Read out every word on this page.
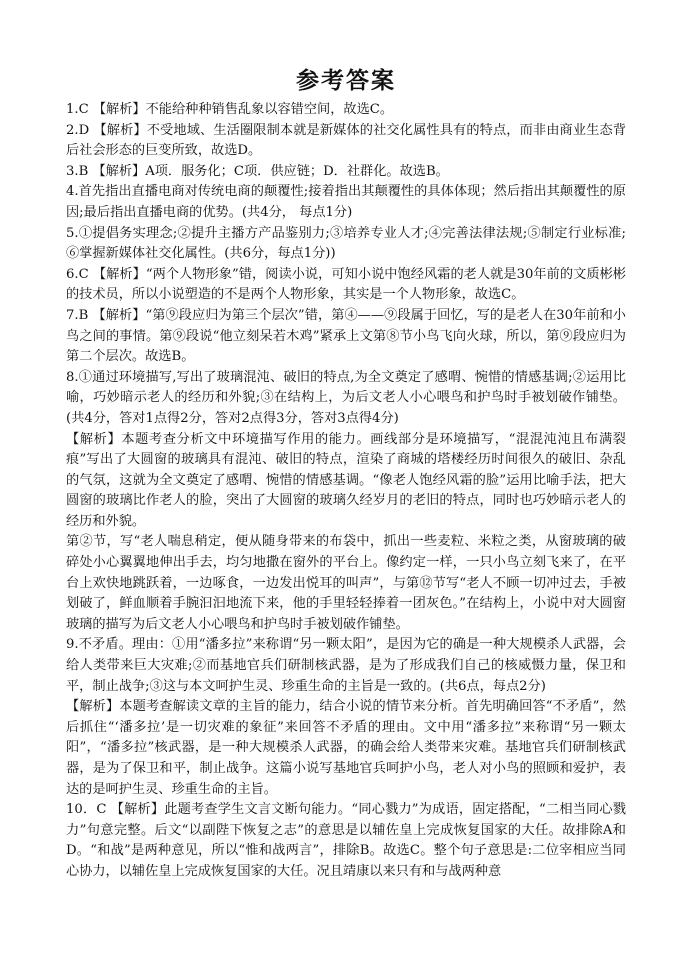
参考答案

1.C 【解析】不能给种种销售乱象以容错空间，故选C。

2.D 【解析】不受地域、生活圈限制本就是新媒体的社交化属性具有的特点，而非由商业生态背后社会形态的巨变所致，故选D。

3.B 【解析】A项．服务化；C项．供应链；D．社群化。故选B。

4.首先指出直播电商对传统电商的颠覆性;接着指出其颠覆性的具体体现；然后指出其颠覆性的原因;最后指出直播电商的优势。(共4分， 每点1分)

5.①提倡务实理念;②提升主播方产品鉴别力;③培养专业人才;④完善法律法规;⑤制定行业标准;⑥掌握新媒体社交化属性。(共6分，每点1分))

6.C 【解析】“两个人物形象”错，阅读小说，可知小说中饱经风霜的老人就是30年前的文质彬彬的技术员，所以小说塑造的不是两个人物形象，其实是一个人物形象，故选C。

7.B 【解析】“第⑨段应归为第三个层次”错，第④——⑨段属于回忆，写的是老人在30年前和小鸟之间的事情。第⑨段说“他立刻呆若木鸡”紧承上文第⑧节小鸟飞向火球，所以，第⑨段应归为第二个层次。故选B。

8.①通过环境描写,写出了玻璃混沌、破旧的特点,为全文奠定了感喟、惋惜的情感基调;②运用比喻，巧妙暗示老人的经历和外貌;③在结构上，为后文老人小心喂鸟和护鸟时手被划破作铺垫。(共4分，答对1点得2分，答对2点得3分，答对3点得4分)

【解析】本题考查分析文中环境描写作用的能力。画线部分是环境描写，“混混沌沌且布满裂痕”写出了大圆窗的玻璃具有混沌、破旧的特点，渲染了商城的塔楼经历时间很久的破旧、杂乱的气氛，这就为全文奠定了感喟、惋惜的情感基调。“像老人饱经风霜的脸”运用比喻手法，把大圆窗的玻璃比作老人的脸，突出了大圆窗的玻璃久经岁月的老旧的特点，同时也巧妙暗示老人的经历和外貌。

第②节，写“老人喘息稍定，便从随身带来的布袋中，抓出一些麦粒、米粒之类，从窗玻璃的破碎处小心翼翼地伸出手去，均匀地撒在窗外的平台上。像约定一样，一只小鸟立刻飞来了，在平台上欢快地跳跃着，一边啄食，一边发出悦耳的叫声”，与第⑫节写“老人不顾一切冲过去，手被划破了，鲜血顺着手腕汩汩地流下来，他的手里轻轻捧着一团灰色。”在结构上，小说中对大圆窗玻璃的描写为后文老人小心喂鸟和护鸟时手被划破作铺垫。

9.不矛盾。理由：①用“潘多拉”来称谓“另一颗太阳”，是因为它的确是一种大规模杀人武器，会给人类带来巨大灾难;②而基地官兵们研制核武器，是为了形成我们自己的核威慑力量，保卫和平，制止战争;③这与本文呵护生灵、珍重生命的主旨是一致的。(共6点，每点2分)

【解析】本题考查解读文章的主旨的能力，结合小说的情节来分析。首先明确回答“不矛盾”，然后抓住“‘潘多拉’是一切灾难的象征”来回答不矛盾的理由。文中用“潘多拉”来称谓“另一颗太阳”，“潘多拉”核武器，是一种大规模杀人武器，的确会给人类带来灾难。基地官兵们研制核武器，是为了保卫和平，制止战争。这篇小说写基地官兵呵护小鸟，老人对小鸟的照顾和爱护，表达的是呵护生灵、珍重生命的主旨。

10．C 【解析】此题考查学生文言文断句能力。“同心戮力”为成语，固定搭配，“二相当同心戮力”句意完整。后文“以副陛下恢复之志”的意思是以辅佐皇上完成恢复国家的大任。故排除A和D。“和战”是两种意见，所以“惟和战两言”，排除B。故选C。整个句子意思是:二位宰相应当同心协力，以辅佐皇上完成恢复国家的大任。况且靖康以来只有和与战两种意
